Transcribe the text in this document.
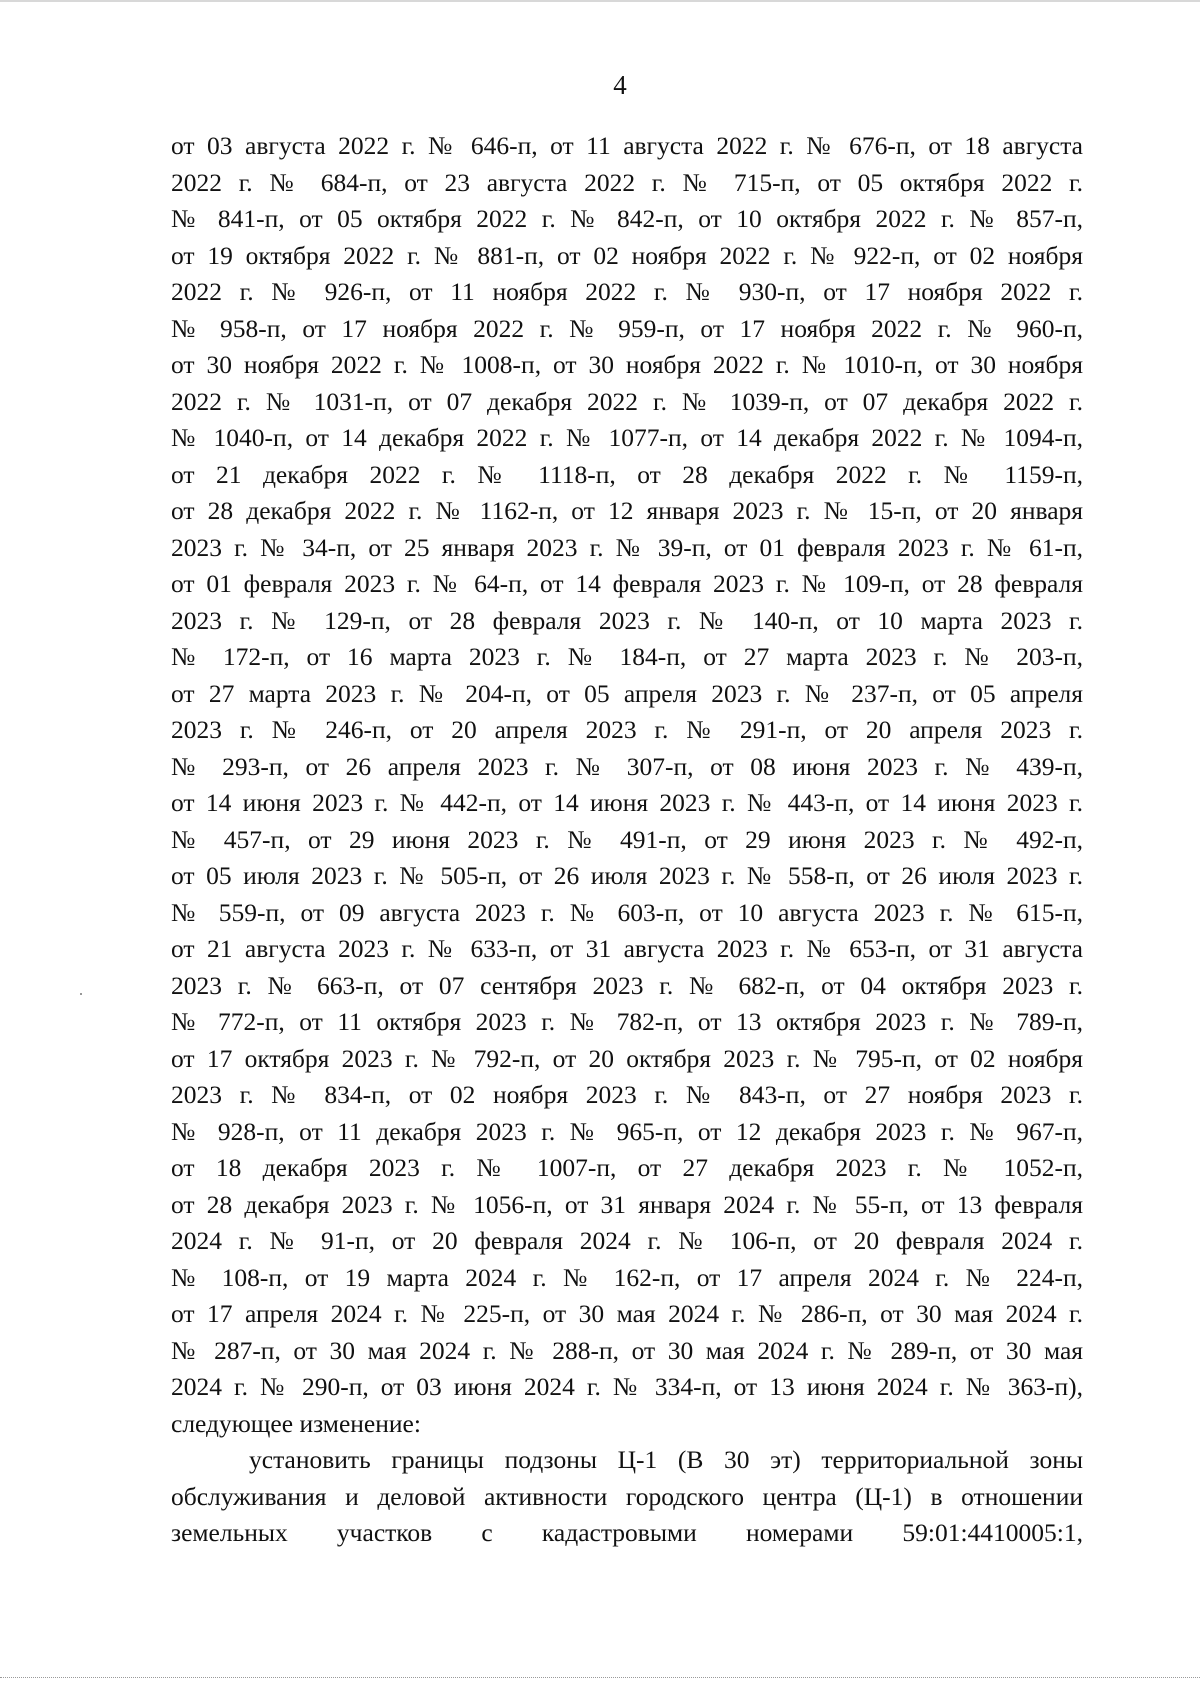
4
от 03 августа 2022 г. № 646-п, от 11 августа 2022 г. № 676-п, от 18 августа
2022 г. № 684-п, от 23 августа 2022 г. № 715-п, от 05 октября 2022 г.
№ 841-п, от 05 октября 2022 г. № 842-п, от 10 октября 2022 г. № 857-п,
от 19 октября 2022 г. № 881-п, от 02 ноября 2022 г. № 922-п, от 02 ноября
2022 г. № 926-п, от 11 ноября 2022 г. № 930-п, от 17 ноября 2022 г.
№ 958-п, от 17 ноября 2022 г. № 959-п, от 17 ноября 2022 г. № 960-п,
от 30 ноября 2022 г. № 1008-п, от 30 ноября 2022 г. № 1010-п, от 30 ноября
2022 г. № 1031-п, от 07 декабря 2022 г. № 1039-п, от 07 декабря 2022 г.
№ 1040-п, от 14 декабря 2022 г. № 1077-п, от 14 декабря 2022 г. № 1094-п,
от 21 декабря 2022 г. № 1118-п, от 28 декабря 2022 г. № 1159-п,
от 28 декабря 2022 г. № 1162-п, от 12 января 2023 г. № 15-п, от 20 января
2023 г. № 34-п, от 25 января 2023 г. № 39-п, от 01 февраля 2023 г. № 61-п,
от 01 февраля 2023 г. № 64-п, от 14 февраля 2023 г. № 109-п, от 28 февраля
2023 г. № 129-п, от 28 февраля 2023 г. № 140-п, от 10 марта 2023 г.
№ 172-п, от 16 марта 2023 г. № 184-п, от 27 марта 2023 г. № 203-п,
от 27 марта 2023 г. № 204-п, от 05 апреля 2023 г. № 237-п, от 05 апреля
2023 г. № 246-п, от 20 апреля 2023 г. № 291-п, от 20 апреля 2023 г.
№ 293-п, от 26 апреля 2023 г. № 307-п, от 08 июня 2023 г. № 439-п,
от 14 июня 2023 г. № 442-п, от 14 июня 2023 г. № 443-п, от 14 июня 2023 г.
№ 457-п, от 29 июня 2023 г. № 491-п, от 29 июня 2023 г. № 492-п,
от 05 июля 2023 г. № 505-п, от 26 июля 2023 г. № 558-п, от 26 июля 2023 г.
№ 559-п, от 09 августа 2023 г. № 603-п, от 10 августа 2023 г. № 615-п,
от 21 августа 2023 г. № 633-п, от 31 августа 2023 г. № 653-п, от 31 августа
2023 г. № 663-п, от 07 сентября 2023 г. № 682-п, от 04 октября 2023 г.
№ 772-п, от 11 октября 2023 г. № 782-п, от 13 октября 2023 г. № 789-п,
от 17 октября 2023 г. № 792-п, от 20 октября 2023 г. № 795-п, от 02 ноября
2023 г. № 834-п, от 02 ноября 2023 г. № 843-п, от 27 ноября 2023 г.
№ 928-п, от 11 декабря 2023 г. № 965-п, от 12 декабря 2023 г. № 967-п,
от 18 декабря 2023 г. № 1007-п, от 27 декабря 2023 г. № 1052-п,
от 28 декабря 2023 г. № 1056-п, от 31 января 2024 г. № 55-п, от 13 февраля
2024 г. № 91-п, от 20 февраля 2024 г. № 106-п, от 20 февраля 2024 г.
№ 108-п, от 19 марта 2024 г. № 162-п, от 17 апреля 2024 г. № 224-п,
от 17 апреля 2024 г. № 225-п, от 30 мая 2024 г. № 286-п, от 30 мая 2024 г.
№ 287-п, от 30 мая 2024 г. № 288-п, от 30 мая 2024 г. № 289-п, от 30 мая
2024 г. № 290-п, от 03 июня 2024 г. № 334-п, от 13 июня 2024 г. № 363-п),
следующее изменение:
установить границы подзоны Ц-1 (В 30 эт) территориальной зоны
обслуживания и деловой активности городского центра (Ц-1) в отношении
земельных участков с кадастровыми номерами 59:01:4410005:1,
